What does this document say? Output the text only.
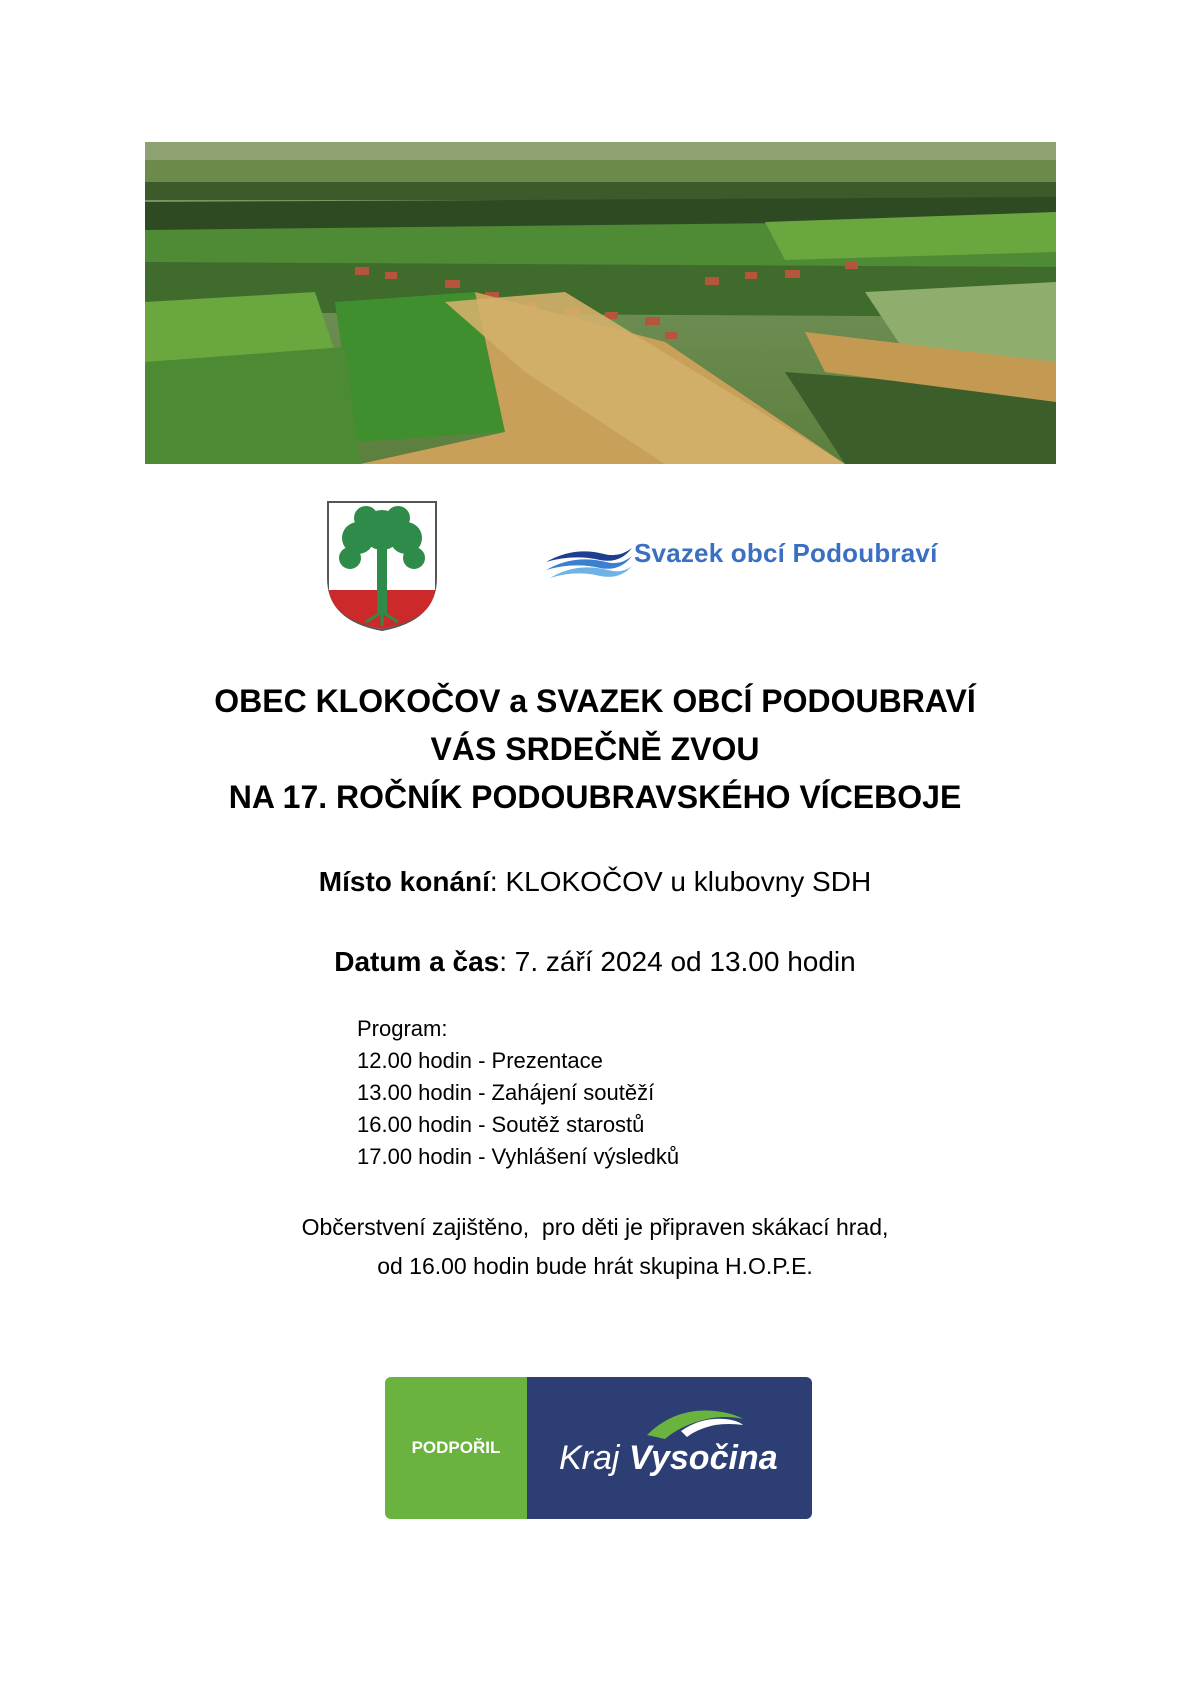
Svazek obcí Podoubraví
OBEC KLOKOČOV a SVAZEK OBCÍ PODOUBRAVÍ
VÁS SRDEČNĚ ZVOU
NA 17. ROČNÍK PODOUBRAVSKÉHO VÍCEBOJE
Místo konání: KLOKOČOV u klubovny SDH
Datum a čas: 7. září 2024 od 13.00 hodin
Program:
12.00 hodin - Prezentace
13.00 hodin - Zahájení soutěží
16.00 hodin - Soutěž starostů
17.00 hodin - Vyhlášení výsledků
Občerstvení zajištěno,  pro děti je připraven skákací hrad,
od 16.00 hodin bude hrát skupina H.O.P.E.
PODPOŘIL	Kraj Vysočina
